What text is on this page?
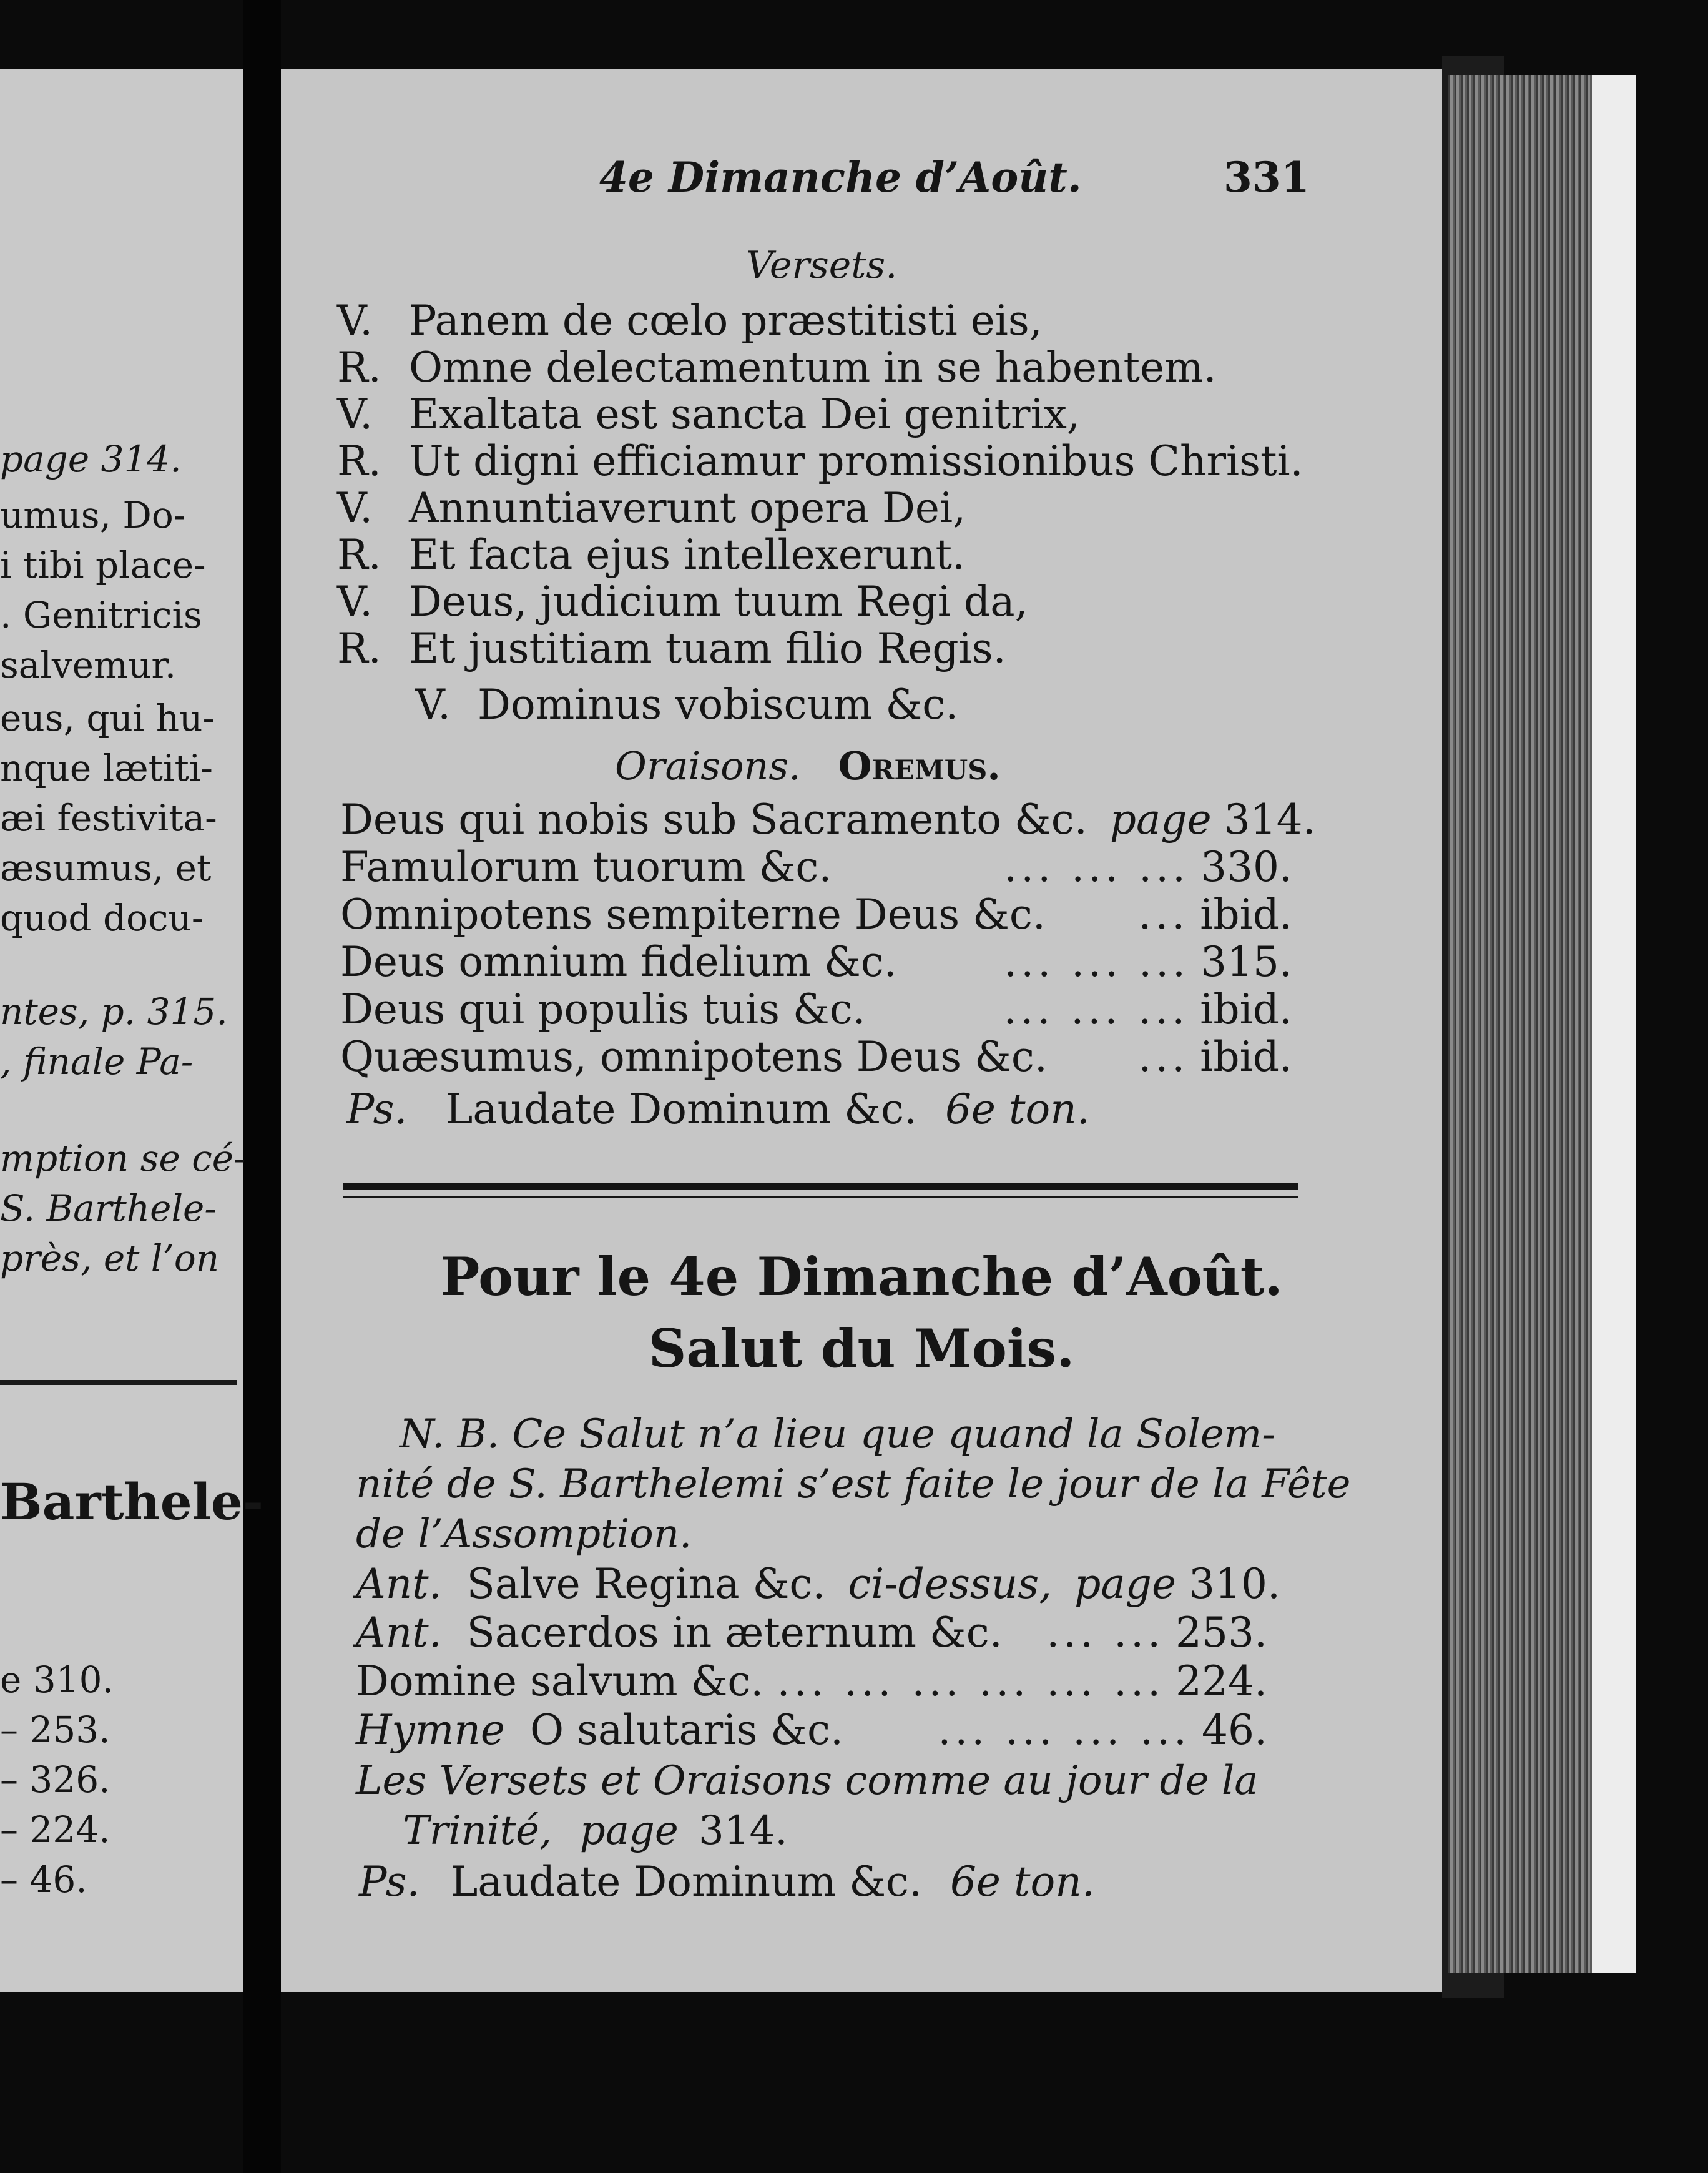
page 314.
umus, Do-
i tibi place-
. Genitricis
salvemur.
eus, qui hu-
nque lætiti-
æi festivita-
æsumus, et
quod docu-
ntes, p. 315.
, finale Pa-
mption se cé-
S. Barthele-
près, et l’on
Barthele-
e 310.
– 253.
– 326.
– 224.
– 46.
4e Dimanche d’Août.	331
Versets.
V. Panem de cœlo præstitisti eis,
R. Omne delectamentum in se habentem.
V. Exaltata est sancta Dei genitrix,
R. Ut digni efficiamur promissionibus Christi.
V. Annuntiaverunt opera Dei,
R. Et facta ejus intellexerunt.
V. Deus, judicium tuum Regi da,
R. Et justitiam tuam filio Regis.
V. Dominus vobiscum &c.
Oraisons. Oremus.
Deus qui nobis sub Sacramento &c. page 314.
Famulorum tuorum &c.	... ... ... 330.
Omnipotens sempiterne Deus &c.	... ibid.
Deus omnium fidelium &c.	... ... ... 315.
Deus qui populis tuis &c.	... ... ... ibid.
Quæsumus, omnipotens Deus &c.	... ibid.
Ps. Laudate Dominum &c. 6e ton.
Pour le 4e Dimanche d’Août.
Salut du Mois.
N. B. Ce Salut n’a lieu que quand la Solem-
nité de S. Barthelemi s’est faite le jour de la Fête
de l’Assomption.
Ant. Salve Regina &c. ci-dessus, page 310.
Ant. Sacerdos in æternum &c.	... ... 253.
Domine salvum &c. ... ... ... ... ... ... 224.
Hymne O salutaris &c.	... ... ... ... 46.
Les Versets et Oraisons comme au jour de la
Trinité, page 314.
Ps. Laudate Dominum &c. 6e ton.
